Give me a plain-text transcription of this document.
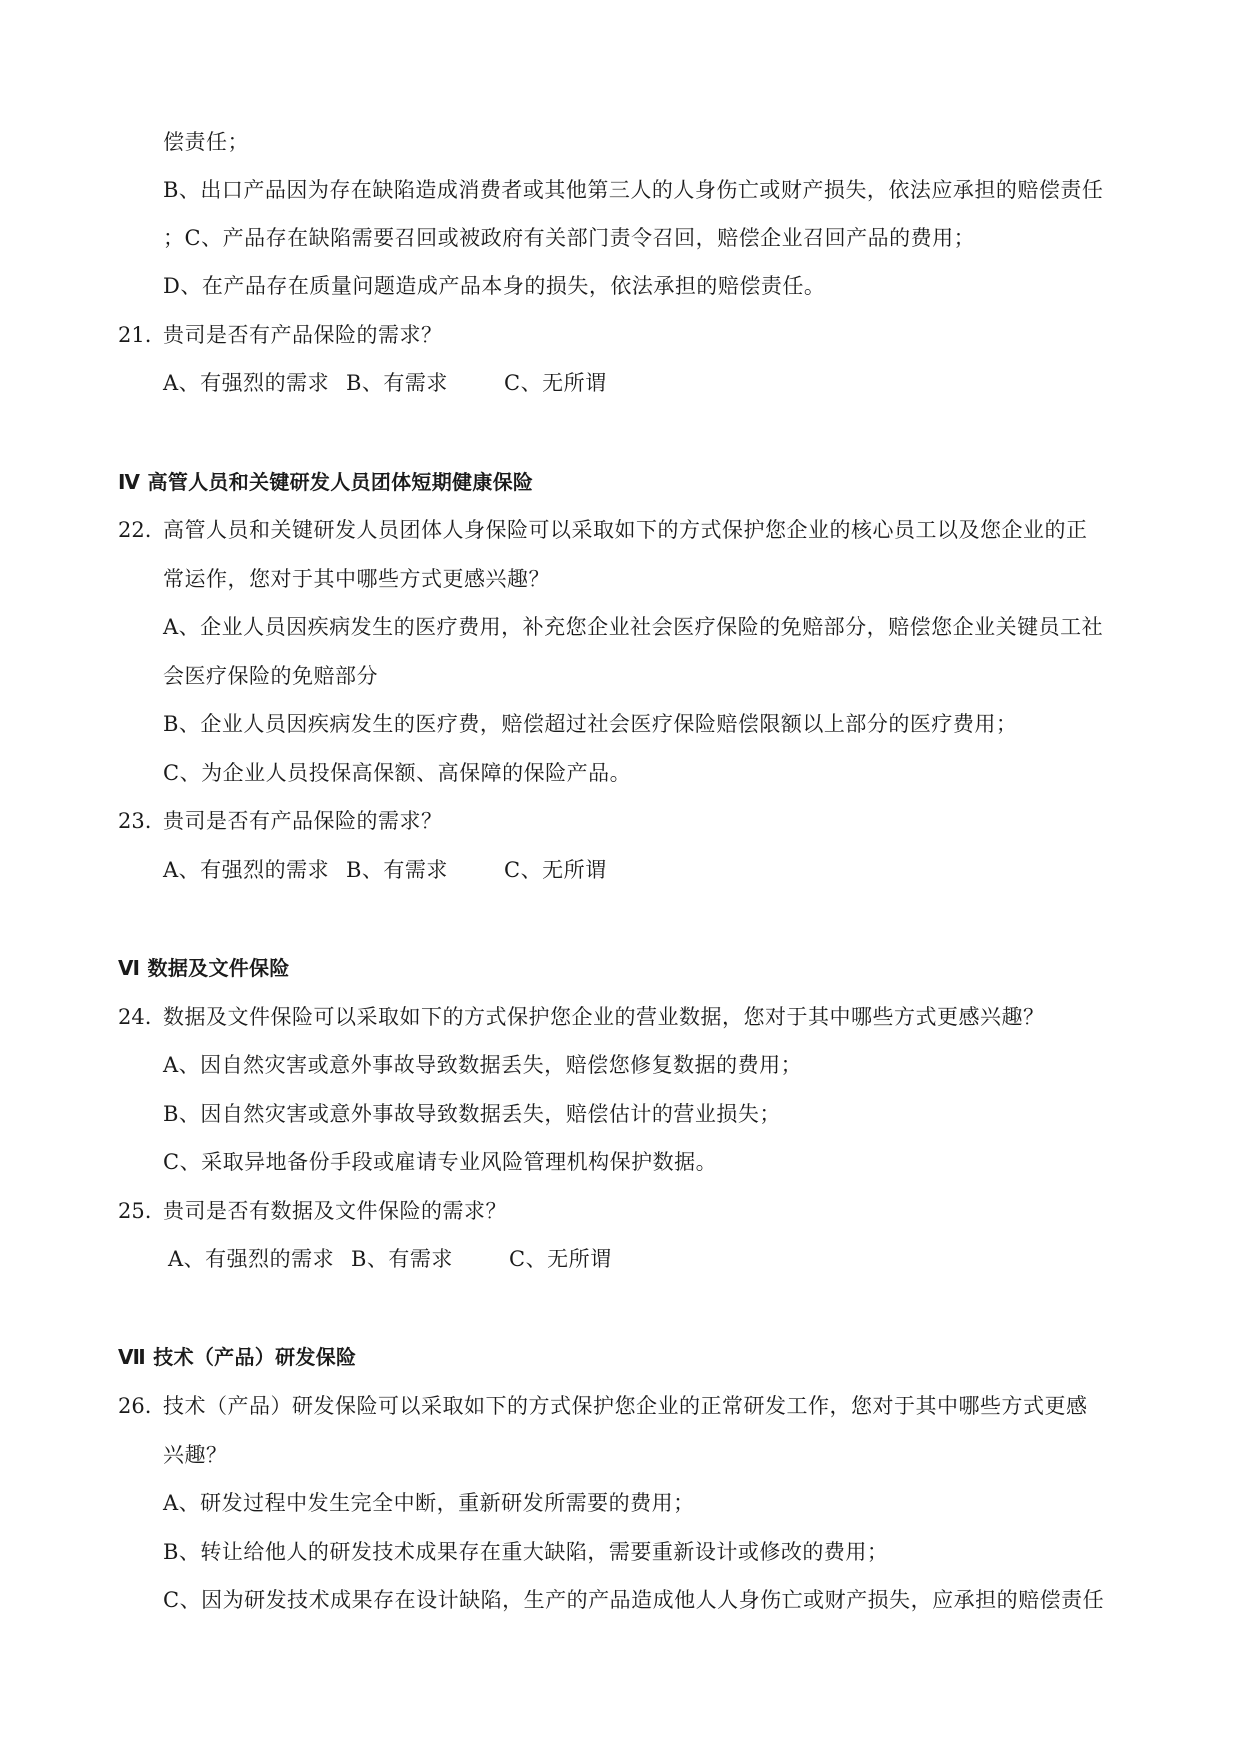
偿责任；
B、出口产品因为存在缺陷造成消费者或其他第三人的人身伤亡或财产损失，依法应承担的赔偿责任
；C、产品存在缺陷需要召回或被政府有关部门责令召回，赔偿企业召回产品的费用；
D、在产品存在质量问题造成产品本身的损失，依法承担的赔偿责任。
21. 贵司是否有产品保险的需求？
A、有强烈的需求 B、有需求	C、无所谓
Ⅳ 高管人员和关键研发人员团体短期健康保险
22. 高管人员和关键研发人员团体人身保险可以采取如下的方式保护您企业的核心员工以及您企业的正
常运作，您对于其中哪些方式更感兴趣？
A、企业人员因疾病发生的医疗费用，补充您企业社会医疗保险的免赔部分，赔偿您企业关键员工社
会医疗保险的免赔部分
B、企业人员因疾病发生的医疗费，赔偿超过社会医疗保险赔偿限额以上部分的医疗费用；
C、为企业人员投保高保额、高保障的保险产品。
23. 贵司是否有产品保险的需求？
A、有强烈的需求 B、有需求	C、无所谓
Ⅵ 数据及文件保险
24. 数据及文件保险可以采取如下的方式保护您企业的营业数据，您对于其中哪些方式更感兴趣？
A、因自然灾害或意外事故导致数据丢失，赔偿您修复数据的费用；
B、因自然灾害或意外事故导致数据丢失，赔偿估计的营业损失；
C、采取异地备份手段或雇请专业风险管理机构保护数据。
25. 贵司是否有数据及文件保险的需求？
A、有强烈的需求 B、有需求	C、无所谓
Ⅶ 技术（产品）研发保险
26. 技术（产品）研发保险可以采取如下的方式保护您企业的正常研发工作，您对于其中哪些方式更感
兴趣？
A、研发过程中发生完全中断，重新研发所需要的费用；
B、转让给他人的研发技术成果存在重大缺陷，需要重新设计或修改的费用；
C、因为研发技术成果存在设计缺陷，生产的产品造成他人人身伤亡或财产损失，应承担的赔偿责任
